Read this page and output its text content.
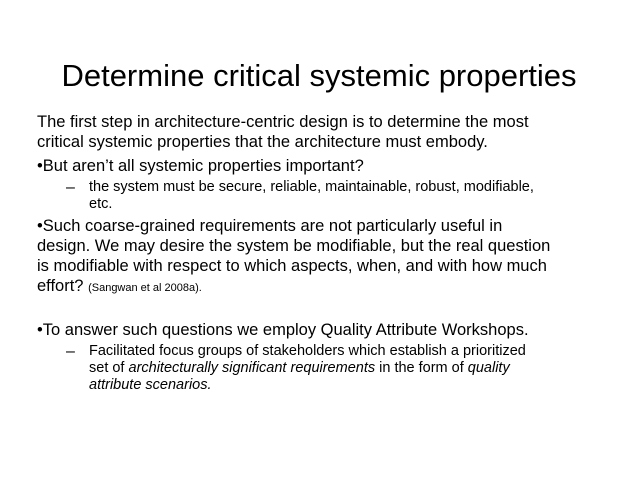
Determine critical systemic properties
The first step in architecture-centric design is to determine the most
critical systemic properties that the architecture must embody.
•But aren’t all systemic properties important?
– the system must be secure, reliable, maintainable, robust, modifiable,
etc.
•Such coarse-grained requirements are not particularly useful in
design. We may desire the system be modifiable, but the real question
is modifiable with respect to which aspects, when, and with how much
effort? (Sangwan et al 2008a).
•To answer such questions we employ Quality Attribute Workshops.
– Facilitated focus groups of stakeholders which establish a prioritized
set of architecturally significant requirements in the form of quality
attribute scenarios.
